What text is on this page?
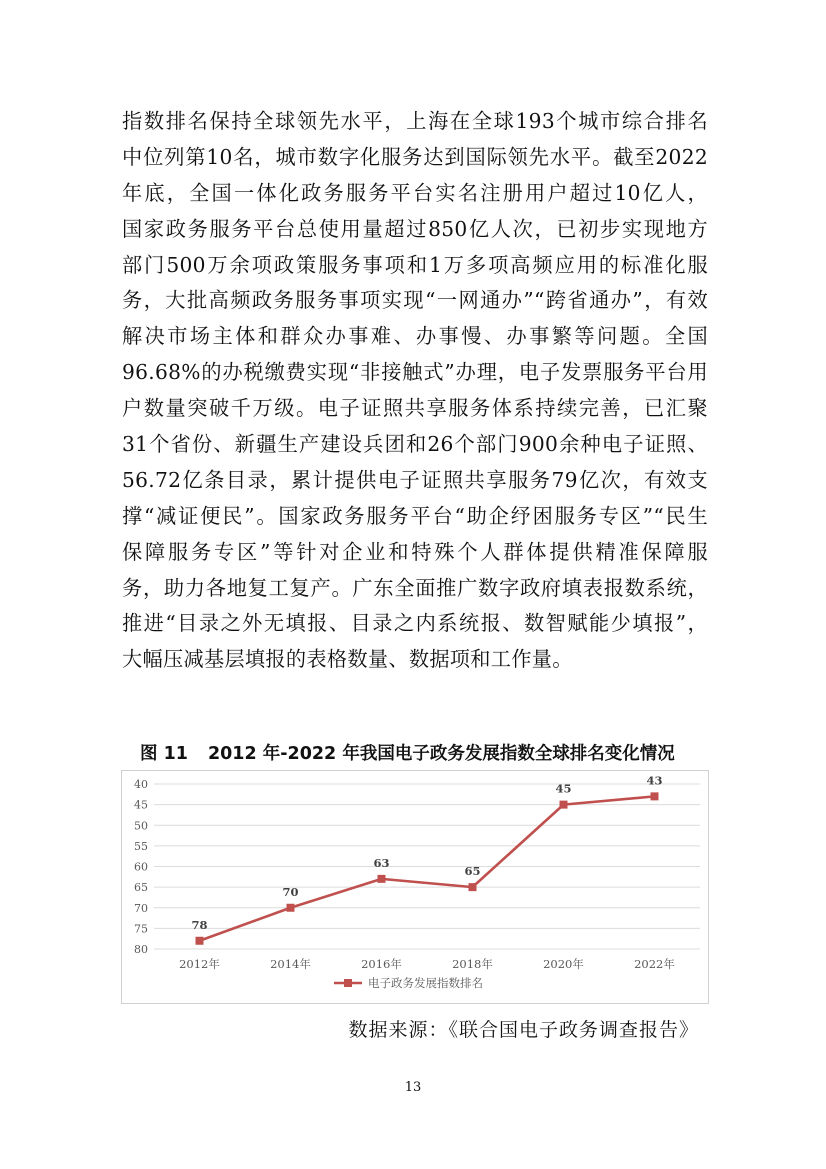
指数排名保持全球领先水平，上海在全球193个城市综合排名
中位列第10名，城市数字化服务达到国际领先水平。截至2022
年底，全国一体化政务服务平台实名注册用户超过10亿人，
国家政务服务平台总使用量超过850亿人次，已初步实现地方
部门500万余项政策服务事项和1万多项高频应用的标准化服
务，大批高频政务服务事项实现“一网通办”“跨省通办”，有效
解决市场主体和群众办事难、办事慢、办事繁等问题。全国
96.68%的办税缴费实现“非接触式”办理，电子发票服务平台用
户数量突破千万级。电子证照共享服务体系持续完善，已汇聚
31个省份、新疆生产建设兵团和26个部门900余种电子证照、
56.72亿条目录，累计提供电子证照共享服务79亿次，有效支
撑“减证便民”。国家政务服务平台“助企纾困服务专区”“民生
保障服务专区”等针对企业和特殊个人群体提供精准保障服
务，助力各地复工复产。广东全面推广数字政府填表报数系统，
推进“目录之外无填报、目录之内系统报、数智赋能少填报”，
大幅压减基层填报的表格数量、数据项和工作量。
图 11 2012 年-2022 年我国电子政务发展指数全球排名变化情况
40
45
50
55
60
65
70
75
80
2012年	2014年	2016年	2018年	2020年	2022年
78
70
63
65
45
43
电子政务发展指数排名
数据来源：《联合国电子政务调查报告》
13
